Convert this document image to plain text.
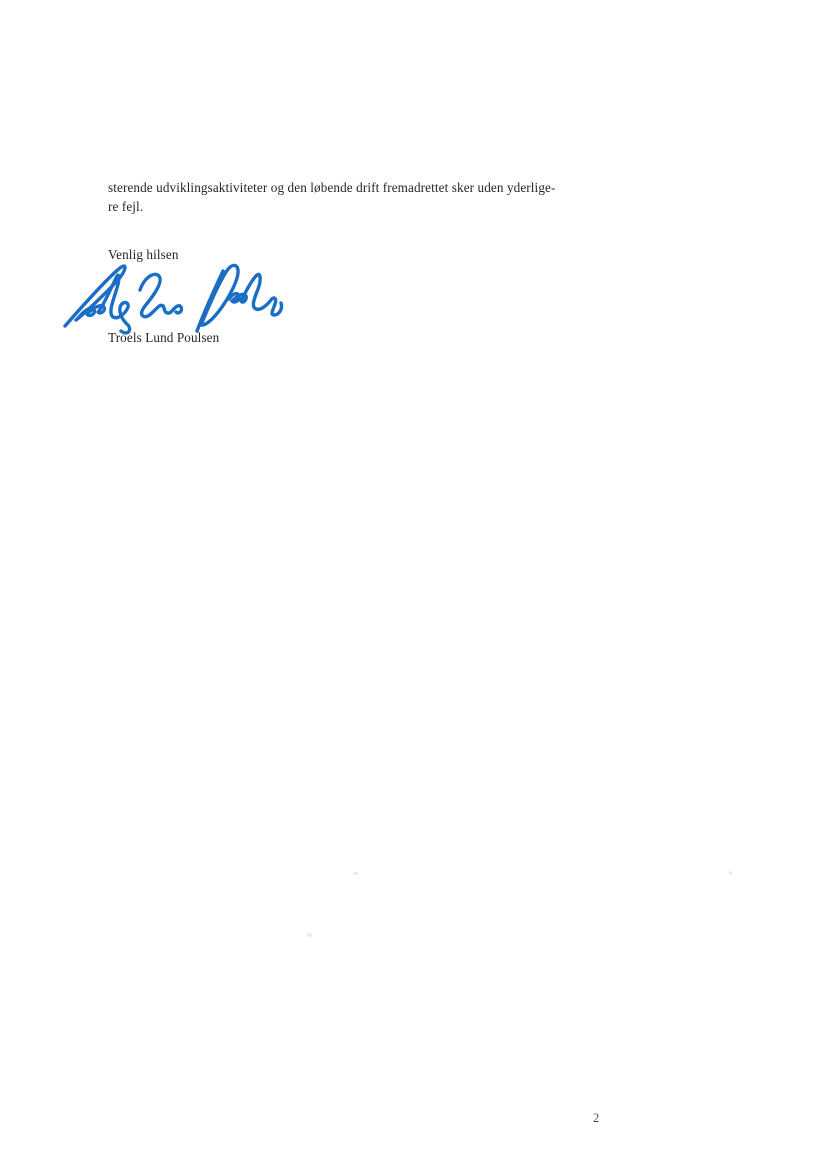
sterende udviklingsaktiviteter og den løbende drift fremadrettet sker uden yderlige-
re fejl.
Venlig hilsen
Troels Lund Poulsen
2
